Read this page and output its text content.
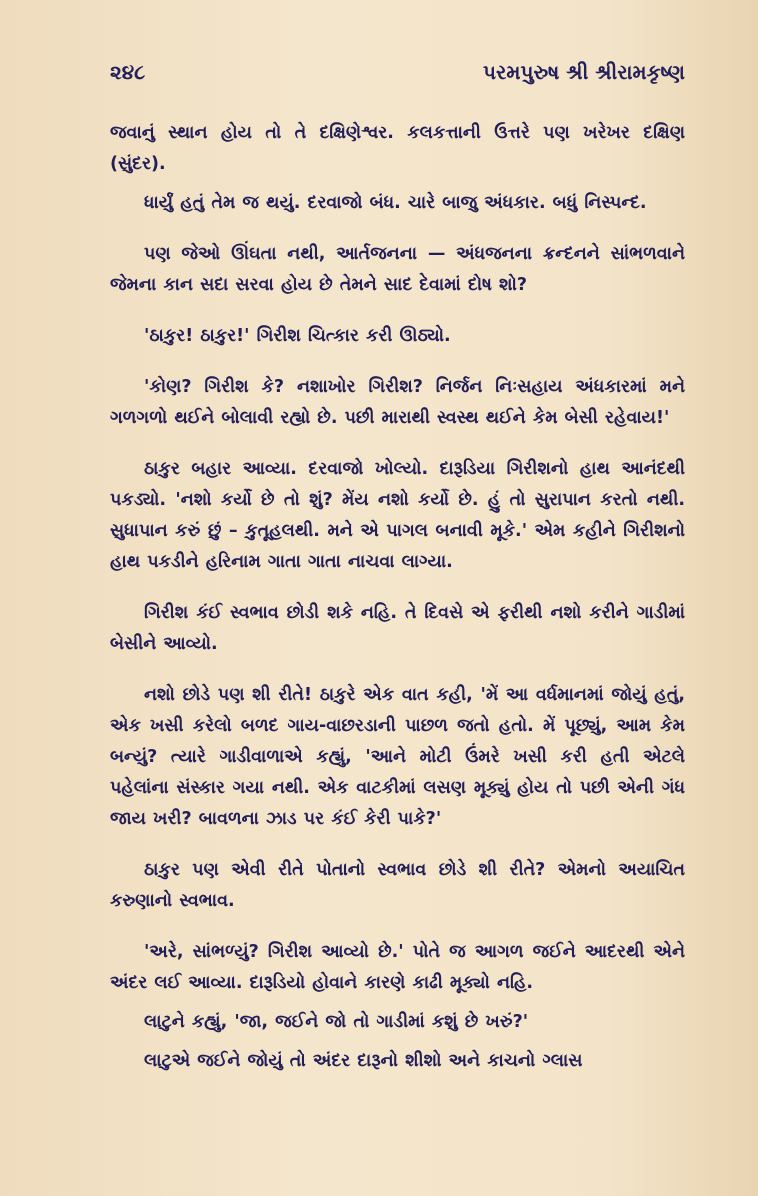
૨૪૮	પરમપુરુષ શ્રી શ્રીરામકૃષ્ણ

જવાનું સ્થાન હોય તો તે દક્ષિણેશ્વર. કલકત્તાની ઉત્તરે પણ ખરેખર દક્ષિણ (સુંદર).

ધાર્યું હતું તેમ જ થયું. દરવાજો બંધ. ચારે બાજુ અંધકાર. બધું નિસ્પન્દ.

પણ જેઓ ઊંઘતા નથી, આર્તજનના — અંધજનના ક્રન્દનને સાંભળવાને જેમના કાન સદા સરવા હોય છે તેમને સાદ દેવામાં દોષ શો?

'ઠાકુર! ઠાકુર!' ગિરીશ ચિત્કાર કરી ઊઠ્યો.

'કોણ? ગિરીશ કે? નશાખોર ગિરીશ? નિર્જન નિઃસહાય અંધકારમાં મને ગળગળો થઈને બોલાવી રહ્યો છે. પછી મારાથી સ્વસ્થ થઈને કેમ બેસી રહેવાય!'

ઠાકુર બહાર આવ્યા. દરવાજો ખોલ્યો. દારૂડિયા ગિરીશનો હાથ આનંદથી પકડ્યો. 'નશો કર્યો છે તો શું? મેંય નશો કર્યો છે. હું તો સુરાપાન કરતો નથી. સુધાપાન કરું છું – કુતૂહલથી. મને એ પાગલ બનાવી મૂકે.' એમ કહીને ગિરીશનો હાથ પકડીને હરિનામ ગાતા ગાતા નાચવા લાગ્યા.

ગિરીશ કંઈ સ્વભાવ છોડી શકે નહિ. તે દિવસે એ ફરીથી નશો કરીને ગાડીમાં બેસીને આવ્યો.

નશો છોડે પણ શી રીતે! ઠાકુરે એક વાત કહી, 'મેં આ વર્ધમાનમાં જોયું હતું, એક ખસી કરેલો બળદ ગાય-વાછરડાની પાછળ જતો હતો. મેં પૂછ્યું, આમ કેમ બન્યું? ત્યારે ગાડીવાળાએ કહ્યું, 'આને મોટી ઉંમરે ખસી કરી હતી એટલે પહેલાંના સંસ્કાર ગયા નથી. એક વાટકીમાં લસણ મૂક્યું હોય તો પછી એની ગંધ જાય ખરી? બાવળના ઝાડ પર કંઈ કેરી પાકે?'

ઠાકુર પણ એવી રીતે પોતાનો સ્વભાવ છોડે શી રીતે? એમનો અયાચિત કરુણાનો સ્વભાવ.

'અરે, સાંભળ્યું? ગિરીશ આવ્યો છે.' પોતે જ આગળ જઈને આદરથી એને અંદર લઈ આવ્યા. દારૂડિયો હોવાને કારણે કાઢી મૂક્યો નહિ.

લાટુને કહ્યું, 'જા, જઈને જો તો ગાડીમાં કશું છે ખરું?'

લાટુએ જઈને જોયું તો અંદર દારૂનો શીશો અને કાચનો ગ્લાસ
